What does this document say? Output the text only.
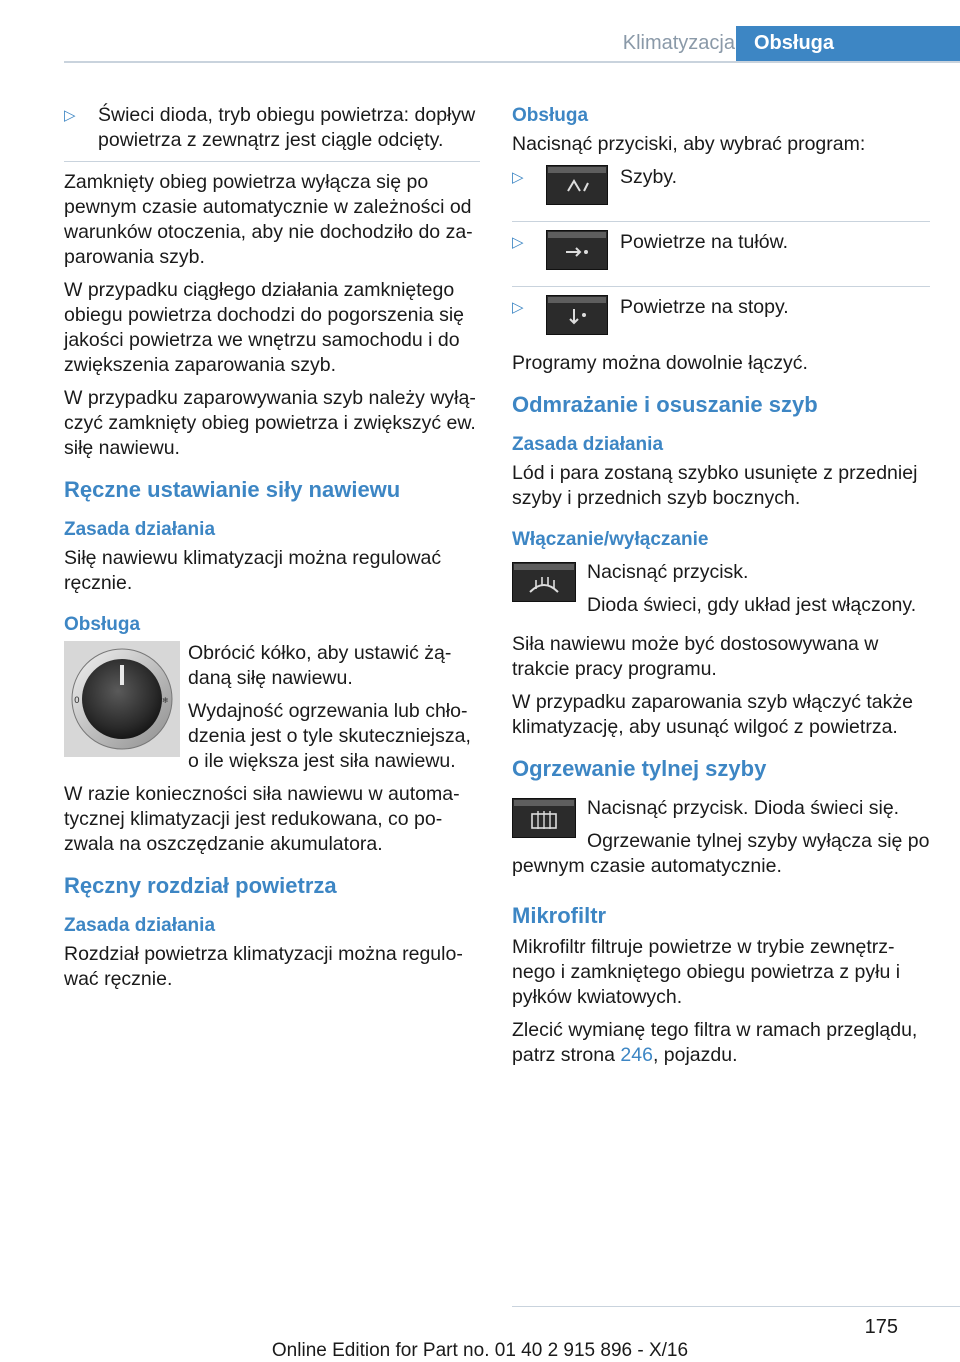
Klimatyzacja Obsługa
▷ Świeci dioda, tryb obiegu powietrza: dopływ powietrza z zewnątrz jest ciągle odcięty.

Zamknięty obieg powietrza wyłącza się po pewnym czasie automatycznie w zależności od warunków otoczenia, aby nie dochodziło do zaparowania szyb.

W przypadku ciągłego działania zamkniętego obiegu powietrza dochodzi do pogorszenia się jakości powietrza we wnętrzu samochodu i do zwiększenia zaparowania szyb.

W przypadku zaparowywania szyb należy wyłączyć zamknięty obieg powietrza i zwiększyć ew. siłę nawiewu.

Ręczne ustawianie siły nawiewu
Zasada działania

Siłę nawiewu klimatyzacji można regulować ręcznie.

Obsługa
0	❄

Obrócić kółko, aby ustawić żądaną siłę nawiewu.

Wydajność ogrzewania lub chłodzenia jest o tyle skuteczniejsza, o ile większa jest siła nawiewu.

W razie konieczności siła nawiewu w automatycznej klimatyzacji jest redukowana, co pozwala na oszczędzanie akumulatora.

Ręczny rozdział powietrza
Zasada działania

Rozdział powietrza klimatyzacji można regulować ręcznie.

Obsługa

Nacisnąć przyciski, aby wybrać program:

▷	Szyby.
▷	Powietrze na tułów.
▷	Powietrze na stopy.

Programy można dowolnie łączyć.

Odmrażanie i osuszanie szyb
Zasada działania

Lód i para zostaną szybko usunięte z przedniej szyby i przednich szyb bocznych.

Włączanie/wyłączanie

Nacisnąć przycisk.

Dioda świeci, gdy układ jest włączony.

Siła nawiewu może być dostosowywana w trakcie pracy programu.

W przypadku zaparowania szyb włączyć także klimatyzację, aby usunąć wilgoć z powietrza.

Ogrzewanie tylnej szyby

Nacisnąć przycisk. Dioda świeci się.

Ogrzewanie tylnej szyby wyłącza się po pewnym czasie automatycznie.

Mikrofiltr

Mikrofiltr filtruje powietrze w trybie zewnętrznego i zamkniętego obiegu powietrza z pyłu i pyłków kwiatowych.

Zlecić wymianę tego filtra w ramach przeglądu, patrz strona 246, pojazdu.

175
Online Edition for Part no. 01 40 2 915 896 - X/16
